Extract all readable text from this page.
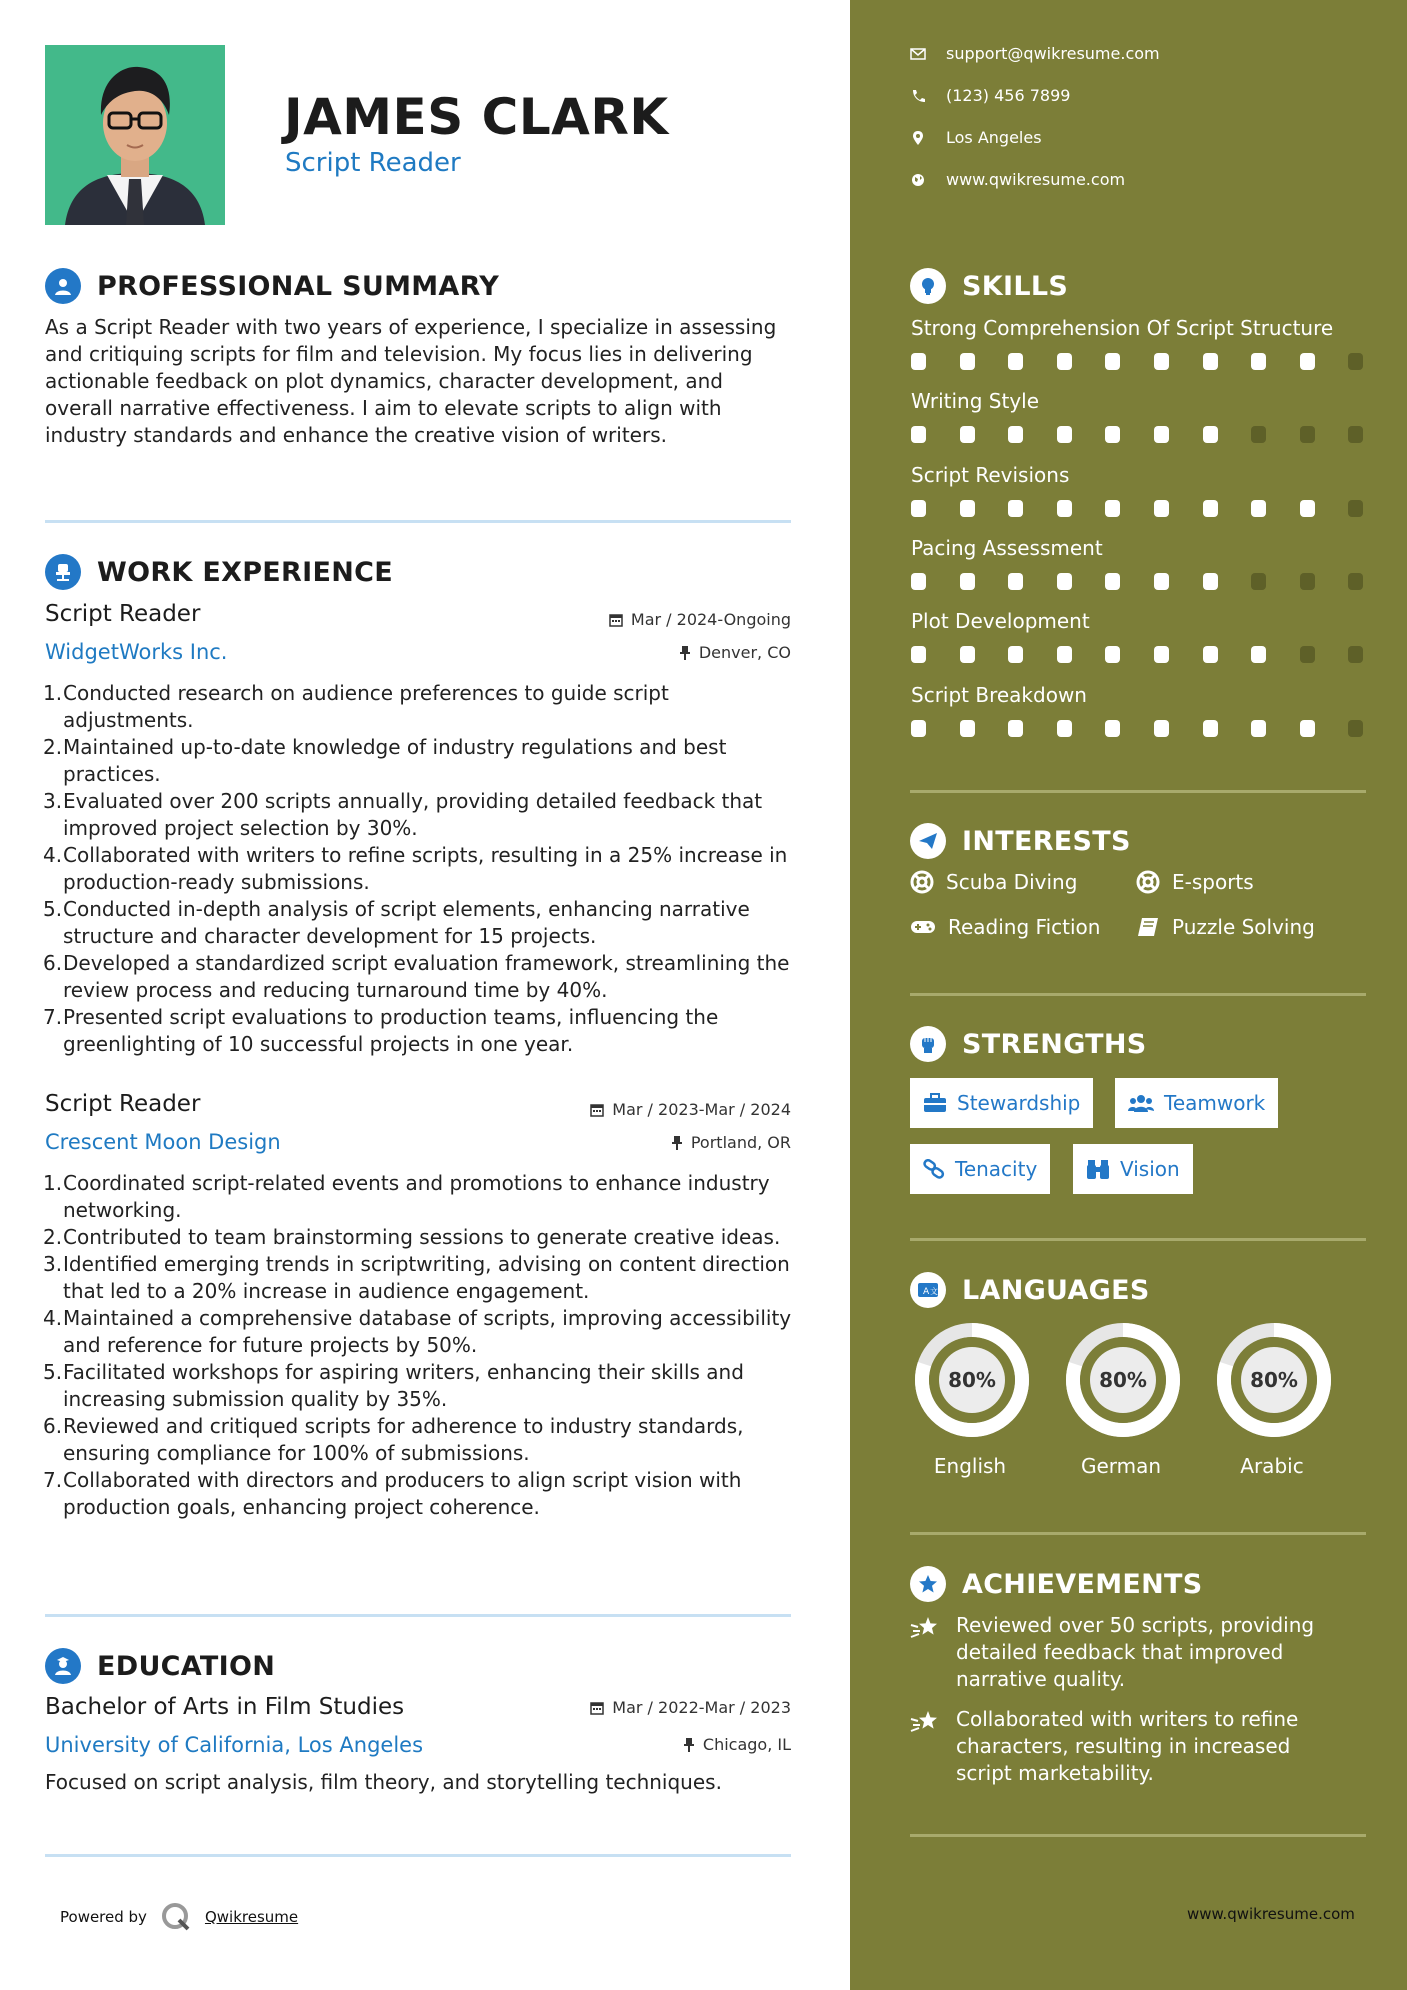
JAMES CLARK
Script Reader
PROFESSIONAL SUMMARY
As a Script Reader with two years of experience, I specialize in assessing and critiquing scripts for film and television. My focus lies in delivering actionable feedback on plot dynamics, character development, and overall narrative effectiveness. I aim to elevate scripts to align with industry standards and enhance the creative vision of writers.
WORK EXPERIENCE
Script Reader	Mar / 2024-Ongoing
WidgetWorks Inc.	Denver, CO
1. Conducted research on audience preferences to guide script adjustments.
2. Maintained up-to-date knowledge of industry regulations and best practices.
3. Evaluated over 200 scripts annually, providing detailed feedback that improved project selection by 30%.
4. Collaborated with writers to refine scripts, resulting in a 25% increase in production-ready submissions.
5. Conducted in-depth analysis of script elements, enhancing narrative structure and character development for 15 projects.
6. Developed a standardized script evaluation framework, streamlining the review process and reducing turnaround time by 40%.
7. Presented script evaluations to production teams, influencing the greenlighting of 10 successful projects in one year.
Script Reader	Mar / 2023-Mar / 2024
Crescent Moon Design	Portland, OR
1. Coordinated script-related events and promotions to enhance industry networking.
2. Contributed to team brainstorming sessions to generate creative ideas.
3. Identified emerging trends in scriptwriting, advising on content direction that led to a 20% increase in audience engagement.
4. Maintained a comprehensive database of scripts, improving accessibility and reference for future projects by 50%.
5. Facilitated workshops for aspiring writers, enhancing their skills and increasing submission quality by 35%.
6. Reviewed and critiqued scripts for adherence to industry standards, ensuring compliance for 100% of submissions.
7. Collaborated with directors and producers to align script vision with production goals, enhancing project coherence.
EDUCATION
Bachelor of Arts in Film Studies	Mar / 2022-Mar / 2023
University of California, Los Angeles	Chicago, IL
Focused on script analysis, film theory, and storytelling techniques.
Powered by	Qwikresume
support@qwikresume.com
(123) 456 7899
Los Angeles
www.qwikresume.com
SKILLS
Strong Comprehension Of Script Structure
Writing Style
Script Revisions
Pacing Assessment
Plot Development
Script Breakdown
INTERESTS
Scuba Diving	E-sports
Reading Fiction	Puzzle Solving
STRENGTHS
Stewardship	Teamwork
Tenacity	Vision
A 文 LANGUAGES
80%
English
80%
German
80%
Arabic
ACHIEVEMENTS
Reviewed over 50 scripts, providing detailed feedback that improved narrative quality.
Collaborated with writers to refine characters, resulting in increased script marketability.
www.qwikresume.com
